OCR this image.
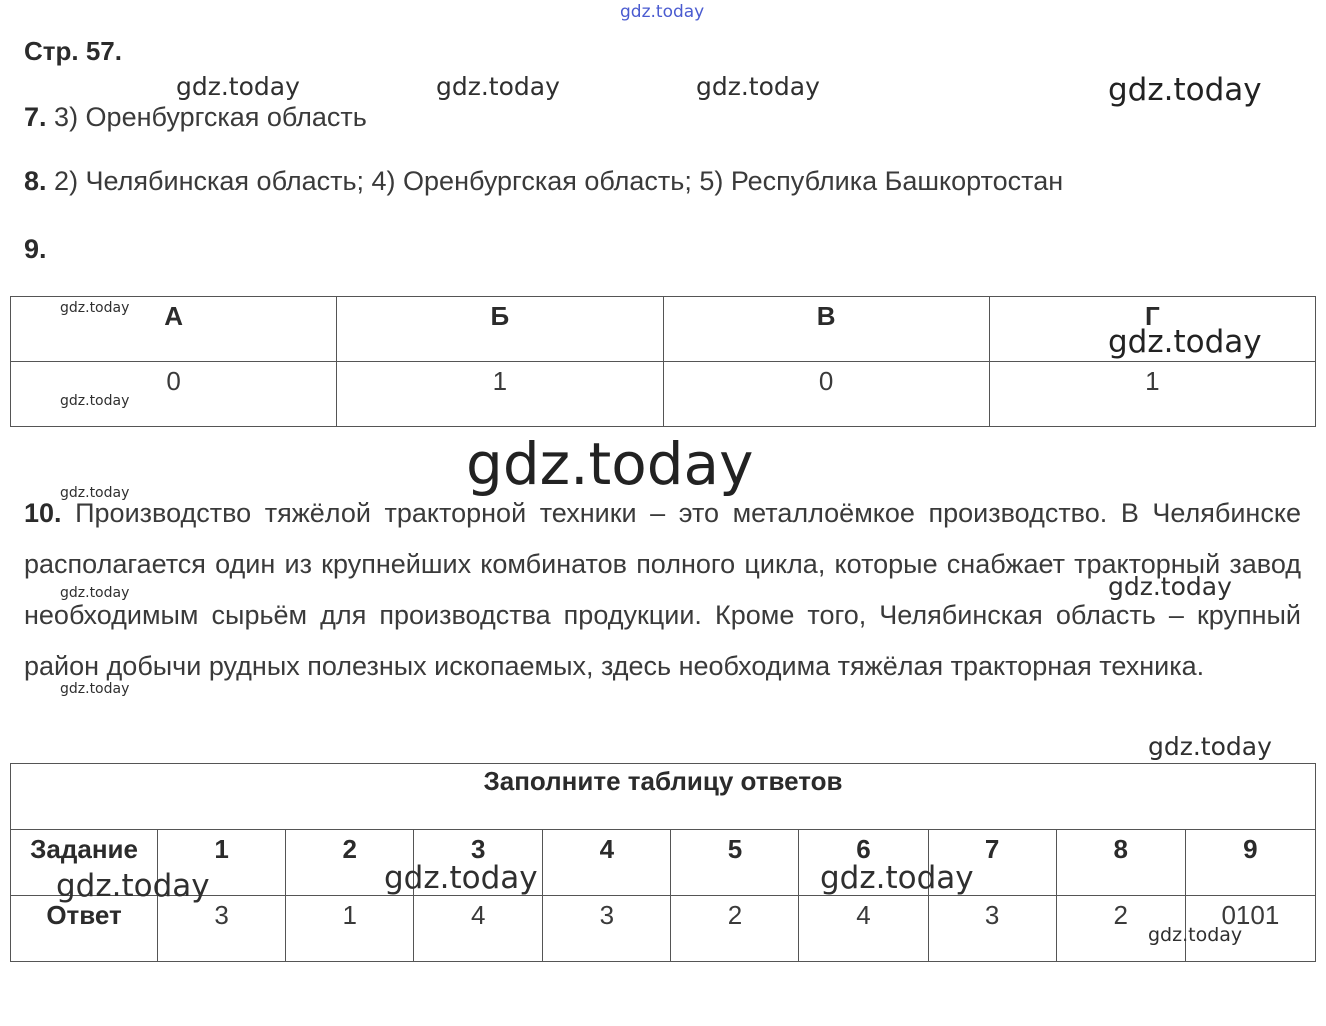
Стр. 57.
7. 3) Оренбургская область
8. 2) Челябинская область; 4) Оренбургская область; 5) Республика Башкортостан
9.
А	Б	В	Г
0	1	0	1
10. Производство тяжёлой тракторной техники – это металлоёмкое производство. В Челябинске располагается один из крупнейших комбинатов полного цикла, которые снабжает тракторный завод необходимым сырьём для производства продукции. Кроме того, Челябинская область – крупный район добычи рудных полезных ископаемых, здесь необходима тяжёлая тракторная техника.
Заполните таблицу ответов									
Задание	1	2	3	4	5	6	7	8	9
Ответ	3	1	4	3	2	4	3	2	0101
gdz.today
gdz.today	gdz.today	gdz.today	gdz.today
gdz.today
gdz.today
gdz.today
gdz.today
gdz.today
gdz.today
gdz.today
gdz.today
gdz.today
gdz.today	gdz.today
gdz.today
gdz.today
